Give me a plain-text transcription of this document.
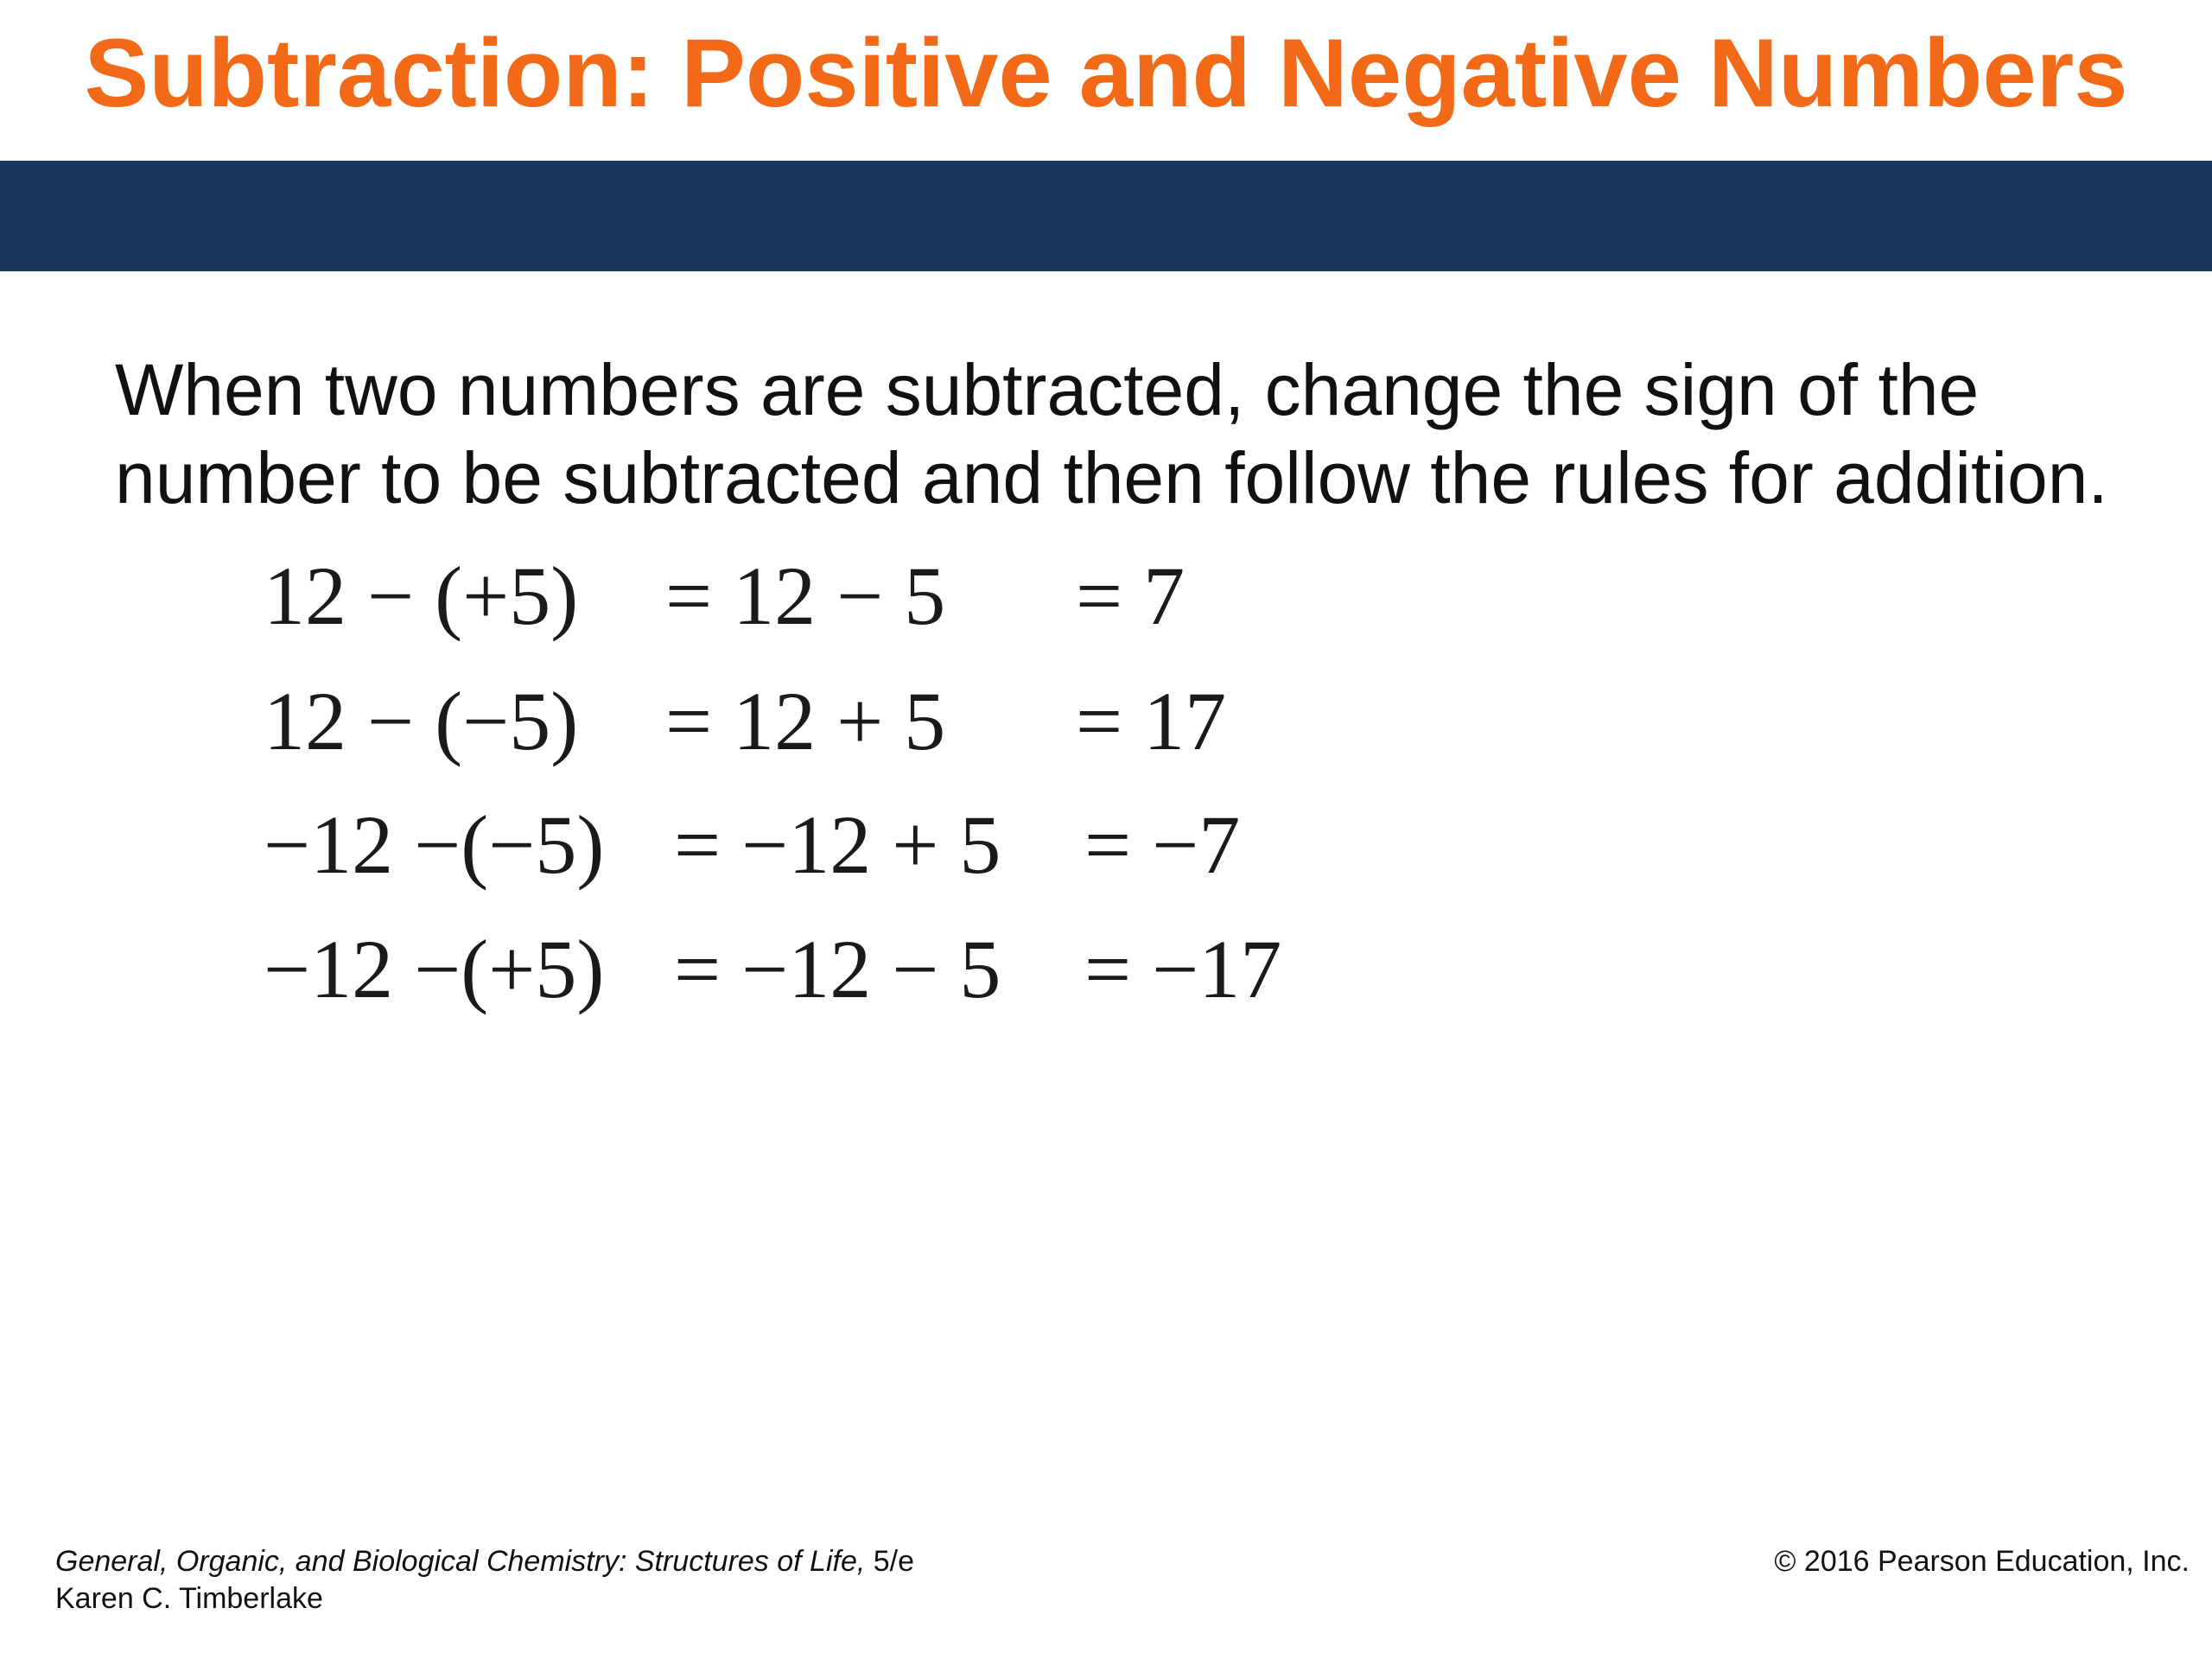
Subtraction: Positive and Negative Numbers

When two numbers are subtracted, change the sign of the
number to be subtracted and then follow the rules for addition.

12 − (+5) = 12 − 5 = 7
12 − (−5) = 12 + 5 = 17
−12 −(−5) = −12 + 5 = −7
−12 −(+5) = −12 − 5 = −17
General, Organic, and Biological Chemistry: Structures of Life, 5/e
Karen C. Timberlake
© 2016 Pearson Education, Inc.
